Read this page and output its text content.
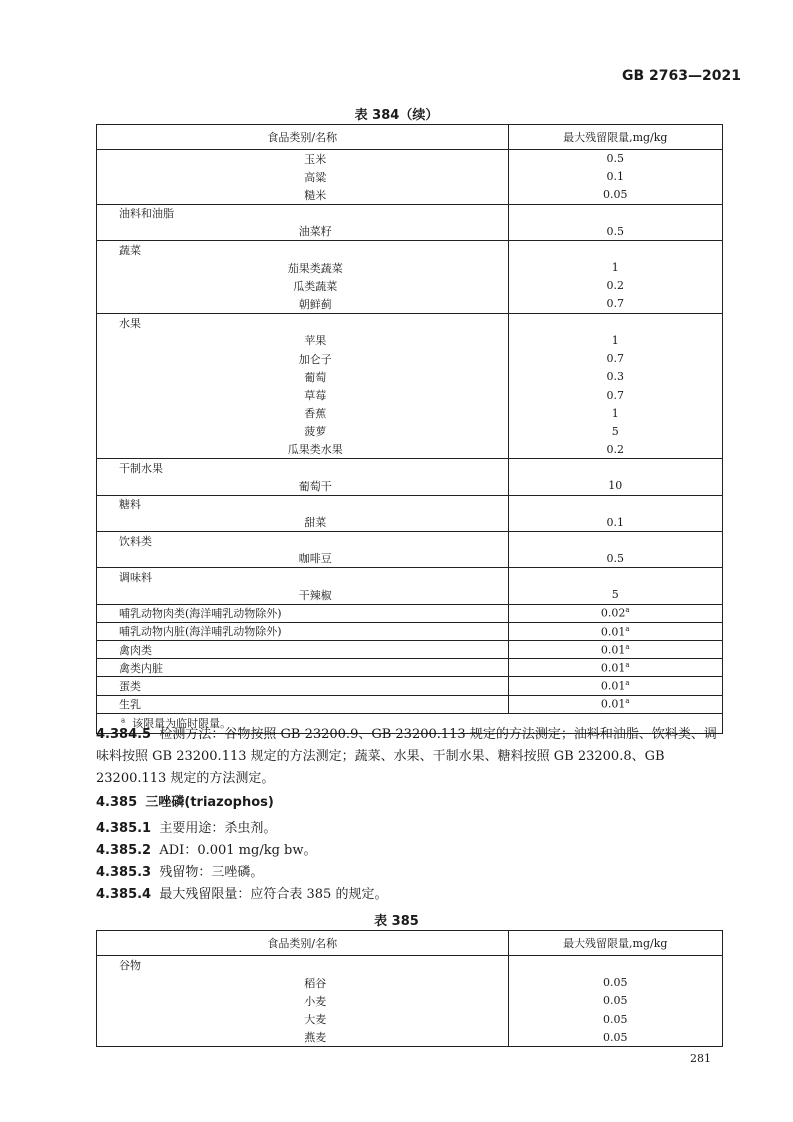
GB 2763—2021
表 384（续）
食品类别/名称	最大残留限量,mg/kg
玉米	0.5
高粱	0.1
糙米	0.05
油料和油脂	
油菜籽	0.5
蔬菜	
茄果类蔬菜	1
瓜类蔬菜	0.2
朝鲜蓟	0.7
水果	
苹果	1
加仑子	0.7
葡萄	0.3
草莓	0.7
香蕉	1
菠萝	5
瓜果类水果	0.2
干制水果	
葡萄干	10
糖料	
甜菜	0.1
饮料类	
咖啡豆	0.5
调味料	
干辣椒	5
哺乳动物肉类(海洋哺乳动物除外)	0.02$^a$
哺乳动物内脏(海洋哺乳动物除外)	0.01$^a$
禽肉类	0.01$^a$
禽类内脏	0.01$^a$
蛋类	0.01$^a$
生乳	0.01$^a$
$^a$ 该限量为临时限量。	
4.384.5 检测方法：谷物按照 GB 23200.9、GB 23200.113 规定的方法测定；油料和油脂、饮料类、调味料按照 GB 23200.113 规定的方法测定；蔬菜、水果、干制水果、糖料按照 GB 23200.8、GB 23200.113 规定的方法测定。
4.385 三唑磷(triazophos)
4.385.1 主要用途：杀虫剂。
4.385.2 ADI：0.001 mg/kg bw。
4.385.3 残留物：三唑磷。
4.385.4 最大残留限量：应符合表 385 的规定。
表 385
食品类别/名称	最大残留限量,mg/kg
谷物	
稻谷	0.05
小麦	0.05
大麦	0.05
燕麦	0.05
281
